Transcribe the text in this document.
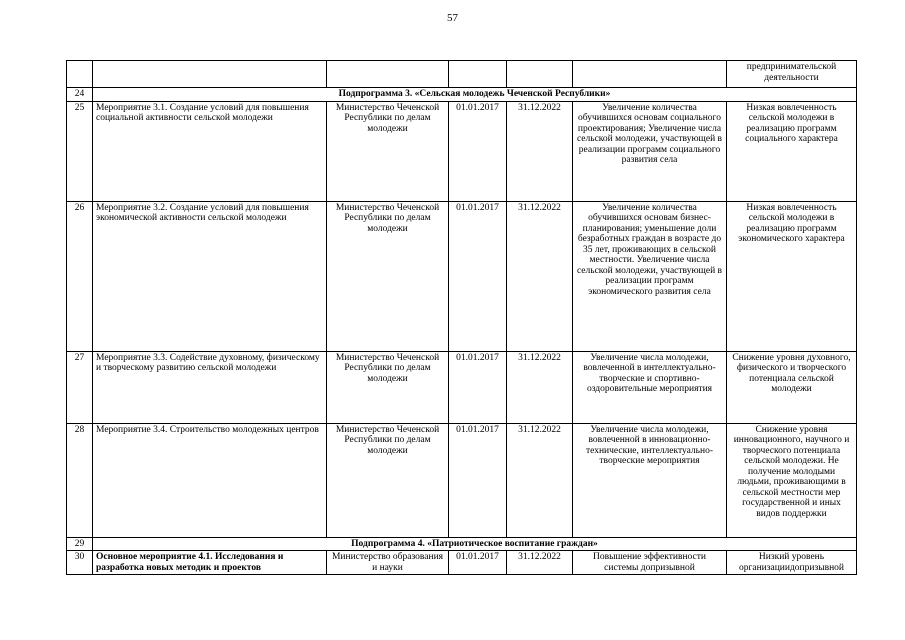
57
						предпринимательской деятельности
24	Подпрограмма 3. «Сельская молодежь Чеченской Республики»					
25	Мероприятие 3.1. Создание условий для повышения социальной активности сельской молодежи	Министерство Чеченской Республики по делам молодежи	01.01.2017	31.12.2022	Увеличение количества обучившихся основам социального проектирования; Увеличение числа сельской молодежи, участвующей в реализации программ социального развития села	Низкая вовлеченность сельской молодежи в реализацию программ социального характера
26	Мероприятие 3.2. Создание условий для повышения экономической активности сельской молодежи	Министерство Чеченской Республики по делам молодежи	01.01.2017	31.12.2022	Увеличение количества обучившихся основам бизнес-планирования; уменьшение доли безработных граждан в возрасте до 35 лет, проживающих в сельской местности. Увеличение числа сельской молодежи, участвующей в реализации программ экономического развития села	Низкая вовлеченность сельской молодежи в реализацию программ экономического характера
27	Мероприятие 3.3. Содействие духовному, физическому и творческому развитию сельской молодежи	Министерство Чеченской Республики по делам молодежи	01.01.2017	31.12.2022	Увеличение числа молодежи, вовлеченной в интеллектуально-творческие и спортивно-оздоровительные мероприятия	Снижение уровня духовного, физического и творческого потенциала сельской молодежи
28	Мероприятие 3.4. Строительство молодежных центров	Министерство Чеченской Республики по делам молодежи	01.01.2017	31.12.2022	Увеличение числа молодежи, вовлеченной в инновационно-технические, интеллектуально-творческие мероприятия	Снижение уровня инновационного, научного и творческого потенциала сельской молодежи. Не получение молодыми людьми, проживающими в сельской местности мер государственной и иных видов поддержки
29	Подпрограмма 4. «Патриотическое воспитание граждан»					
30	Основное мероприятие 4.1. Исследования и разработка новых методик и проектов	Министерство образования и науки	01.01.2017	31.12.2022	Повышение эффективности системы допризывной	Низкий уровень организациидопризывной
